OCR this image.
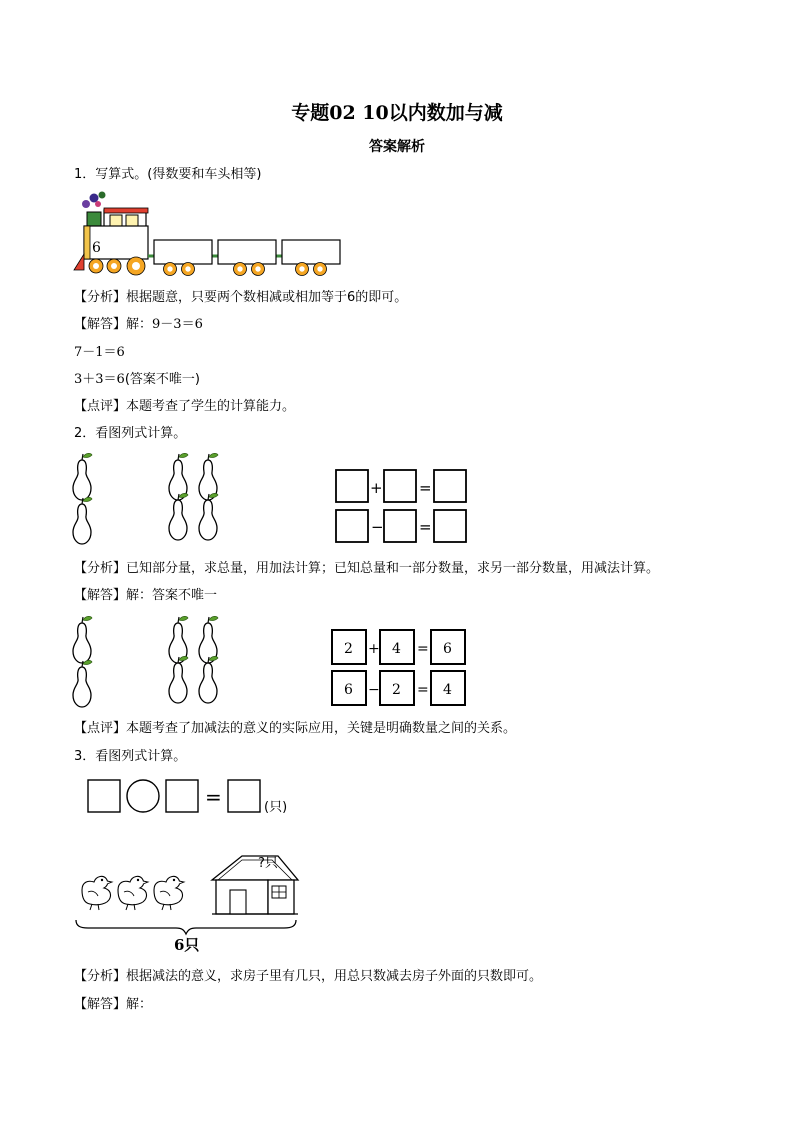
专题02 10以内数加与减
答案解析
1．写算式。(得数要和车头相等)
6
【分析】根据题意，只要两个数相减或相加等于6的即可。
【解答】解：9－3＝6
7－1＝6
3＋3＝6(答案不唯一)
【点评】本题考查了学生的计算能力。
2．看图列式计算。
+ =
− =
【分析】已知部分量，求总量，用加法计算；已知总量和一部分数量，求另一部分数量，用减法计算。
【解答】解：答案不唯一
2 + 4 = 6
6 − 2 = 4
【点评】本题考查了加减法的意义的实际应用，关键是明确数量之间的关系。
3．看图列式计算。
=	(只)
?只
6只
【分析】根据减法的意义，求房子里有几只，用总只数减去房子外面的只数即可。
【解答】解：
